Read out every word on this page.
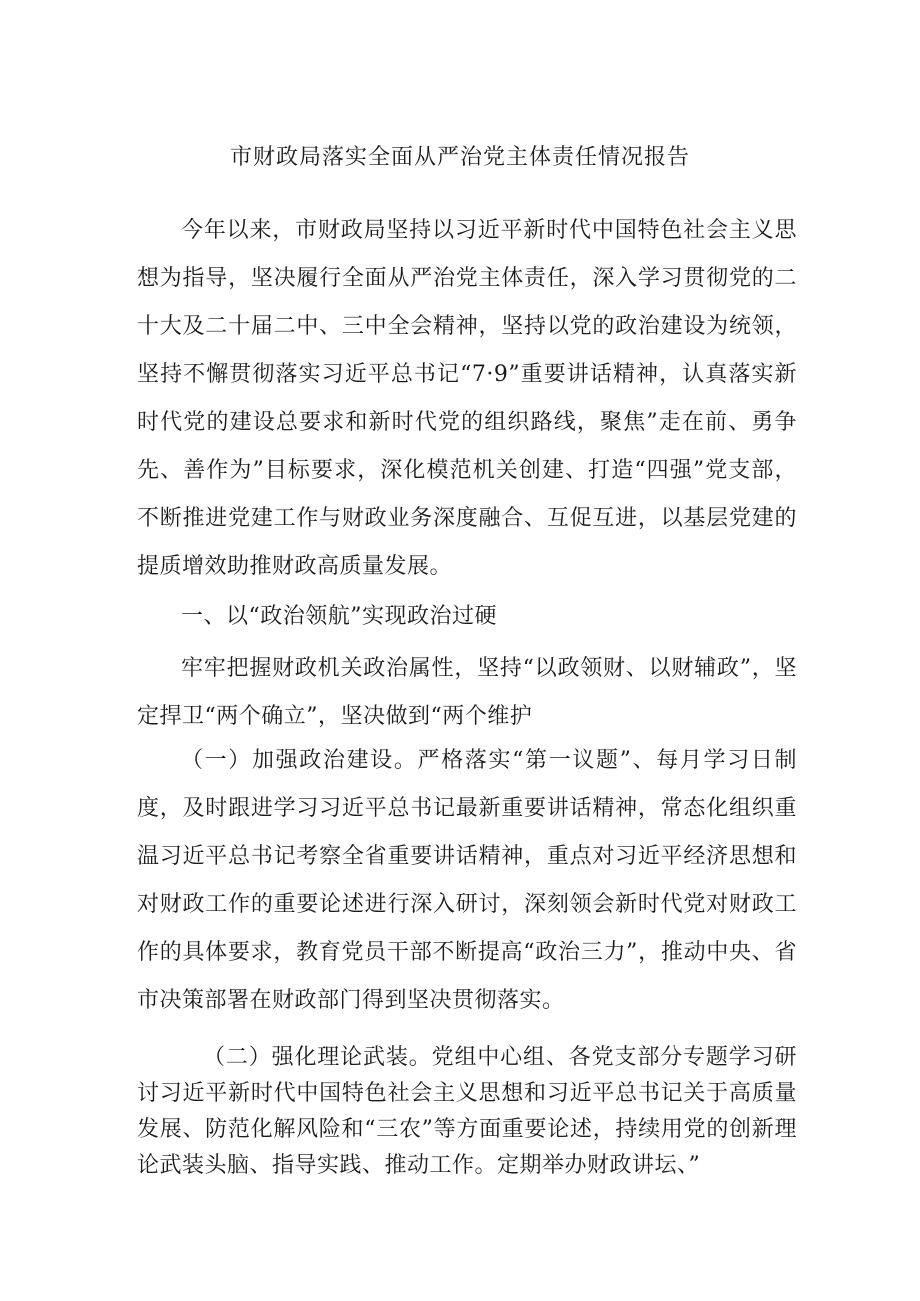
市财政局落实全面从严治党主体责任情况报告

今年以来，市财政局坚持以习近平新时代中国特色社会主义思想为指导，坚决履行全面从严治党主体责任，深入学习贯彻党的二十大及二十届二中、三中全会精神，坚持以党的政治建设为统领，坚持不懈贯彻落实习近平总书记“7·9”重要讲话精神，认真落实新时代党的建设总要求和新时代党的组织路线，聚焦”走在前、勇争先、善作为”目标要求，深化模范机关创建、打造“四强”党支部，不断推进党建工作与财政业务深度融合、互促互进，以基层党建的提质增效助推财政高质量发展。

一、以“政治领航”实现政治过硬

牢牢把握财政机关政治属性，坚持“以政领财、以财辅政”，坚定捍卫“两个确立”，坚决做到“两个维护

（一）加强政治建设。严格落实“第一议题”、每月学习日制度，及时跟进学习习近平总书记最新重要讲话精神，常态化组织重温习近平总书记考察全省重要讲话精神，重点对习近平经济思想和对财政工作的重要论述进行深入研讨，深刻领会新时代党对财政工作的具体要求，教育党员干部不断提高“政治三力”，推动中央、省市决策部署在财政部门得到坚决贯彻落实。

（二）强化理论武装。党组中心组、各党支部分专题学习研讨习近平新时代中国特色社会主义思想和习近平总书记关于高质量发展、防范化解风险和“三农”等方面重要论述，持续用党的创新理论武装头脑、指导实践、推动工作。定期举办财政讲坛、”
